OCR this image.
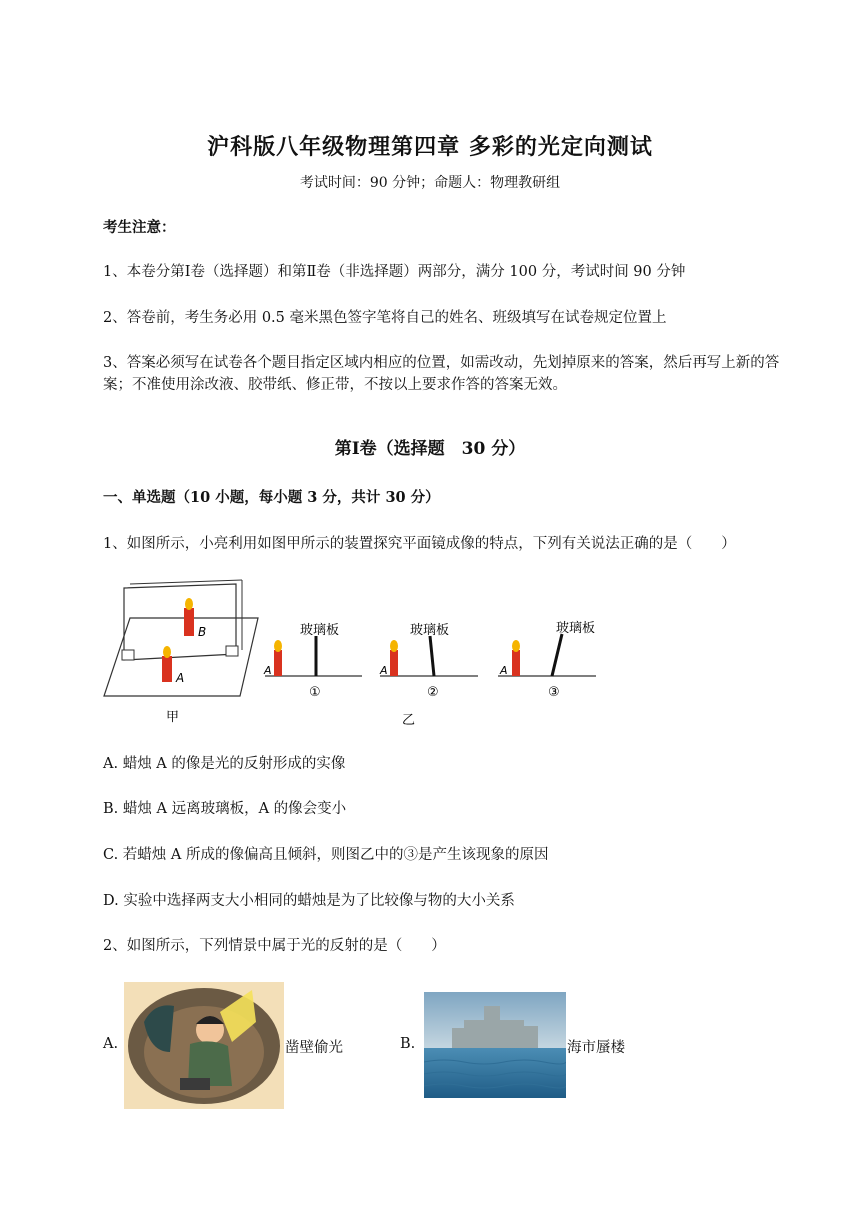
沪科版八年级物理第四章 多彩的光定向测试
考试时间：90 分钟；命题人：物理教研组
考生注意：
1、本卷分第Ⅰ卷（选择题）和第Ⅱ卷（非选择题）两部分，满分 100 分，考试时间 90 分钟
2、答卷前，考生务必用 0.5 毫米黑色签字笔将自己的姓名、班级填写在试卷规定位置上
3、答案必须写在试卷各个题目指定区域内相应的位置，如需改动，先划掉原来的答案，然后再写上新的答案；不准使用涂改液、胶带纸、修正带，不按以上要求作答的答案无效。
第Ⅰ卷（选择题　30 分）
一、单选题（10 小题，每小题 3 分，共计 30 分）
1、如图所示，小亮利用如图甲所示的装置探究平面镜成像的特点，下列有关说法正确的是（　　）
B
A
甲
A
玻璃板
①
A
玻璃板
②
乙
A
玻璃板
③
A. 蜡烛 A 的像是光的反射形成的实像
B. 蜡烛 A 远离玻璃板，A 的像会变小
C. 若蜡烛 A 所成的像偏高且倾斜，则图乙中的③是产生该现象的原因
D. 实验中选择两支大小相同的蜡烛是为了比较像与物的大小关系
2、如图所示，下列情景中属于光的反射的是（　　）
A.	凿壁偷光	B.	海市蜃楼
